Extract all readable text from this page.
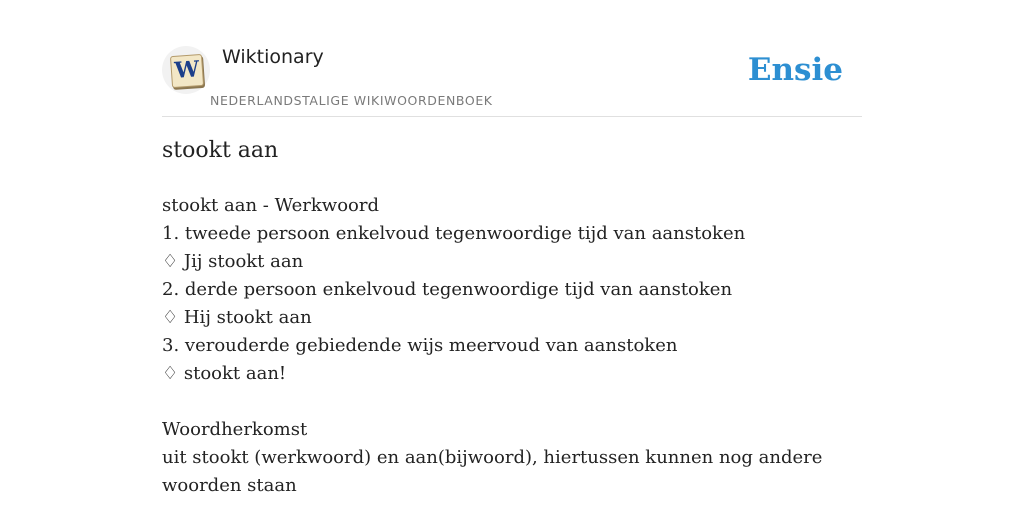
W Wiktionary
NEDERLANDSTALIGE WIKIWOORDENBOEK
Ensie
stookt aan
stookt aan - Werkwoord
1. tweede persoon enkelvoud tegenwoordige tijd van aanstoken
♢ Jij stookt aan
2. derde persoon enkelvoud tegenwoordige tijd van aanstoken
♢ Hij stookt aan
3. verouderde gebiedende wijs meervoud van aanstoken
♢ stookt aan!
Woordherkomst
uit stookt (werkwoord) en aan(bijwoord), hiertussen kunnen nog andere woorden staan
